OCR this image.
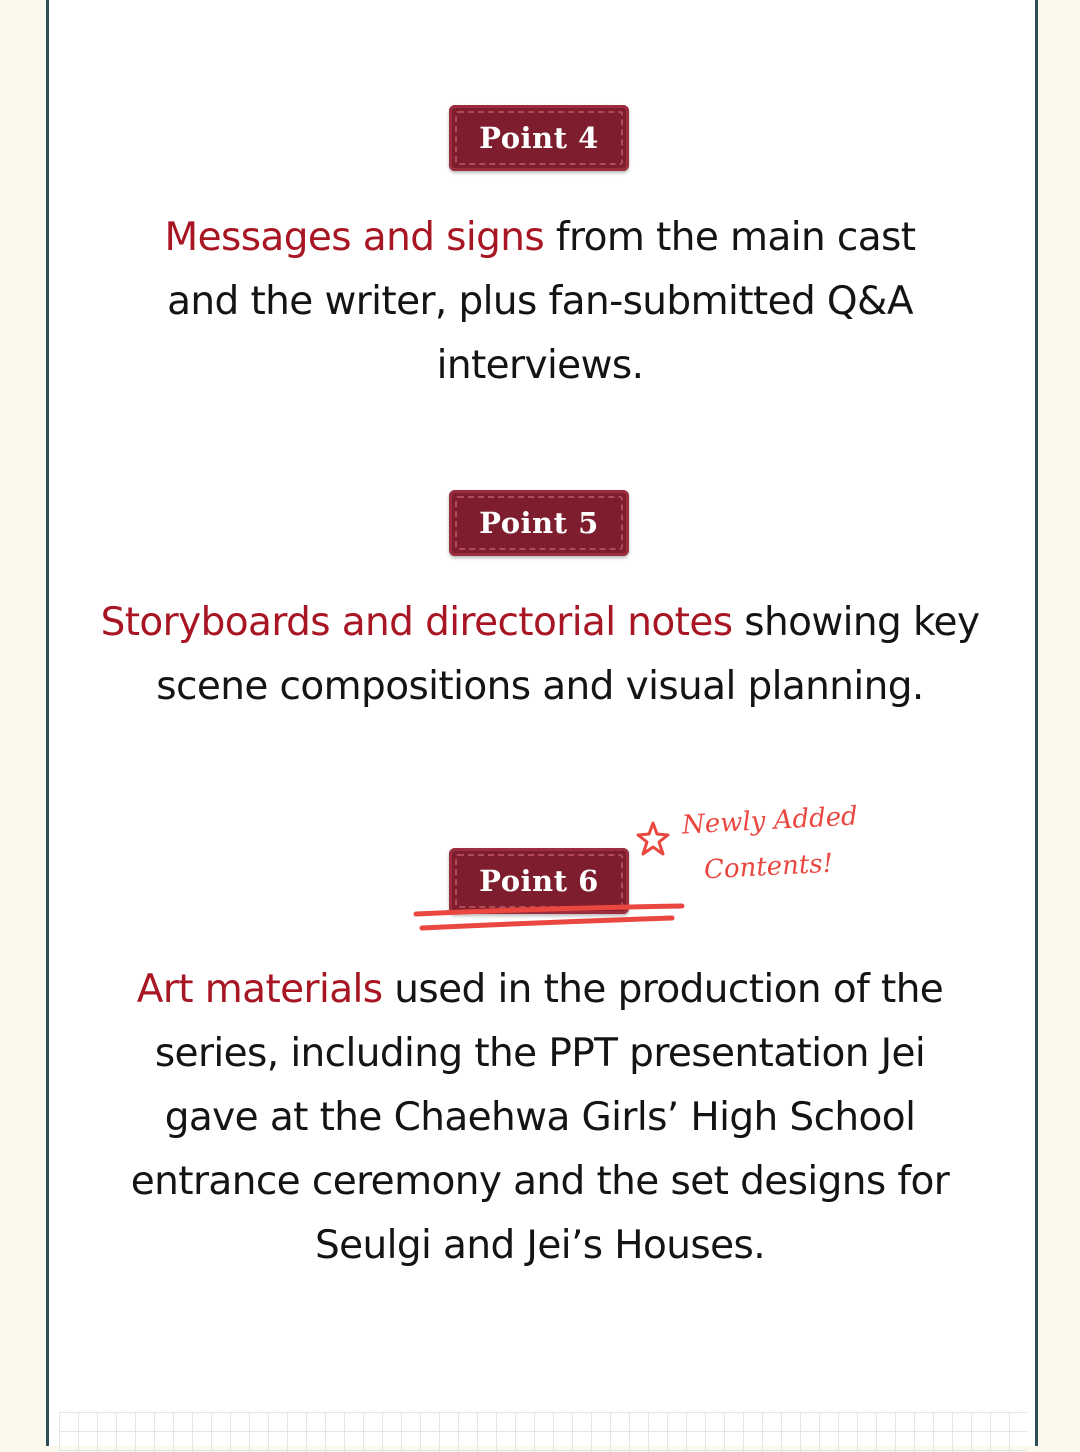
Point 4
Messages and signs from the main cast and the writer, plus fan-submitted Q&A interviews.
Point 5
Storyboards and directorial notes showing key scene compositions and visual planning.
Point 6
Newly Added
Contents!
Art materials used in the production of the series, including the PPT presentation Jei gave at the Chaehwa Girls’ High School entrance ceremony and the set designs for Seulgi and Jei’s Houses.
